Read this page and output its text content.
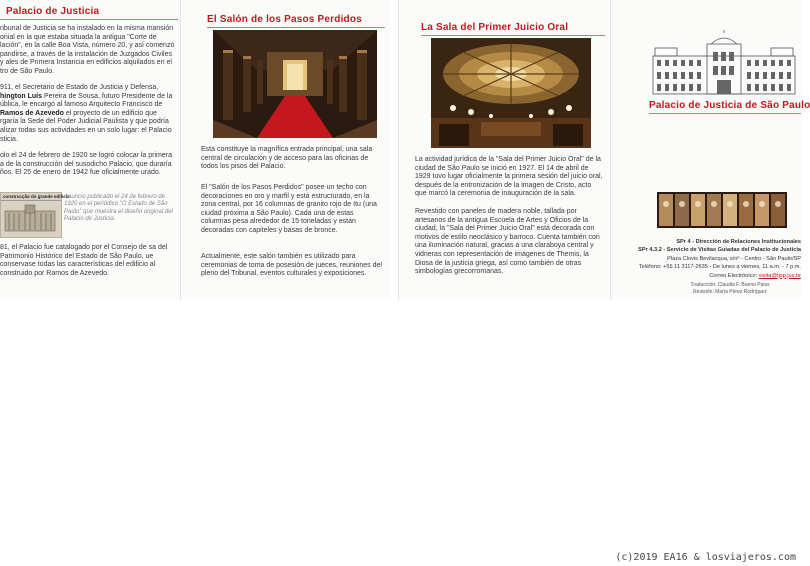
Palacio de Justicia

ribunal de Justicia se ha instalado en la misma mansión onial en la que estaba situada la antigua "Corte de lación", en la calle Boa Vista, número 20, y así comenzó pandirse, a través de la instalación de Juzgados Civiles y ales de Primera Instancia en edificios alquilados en el tro de São Paulo.

911, el Secretario de Estado de Justicia y Defensa, hington Luís Pereira de Sousa, futuro Presidente de la ública, le encargó al famoso Arquitecto Francisco de Ramos de Azevedo el proyecto de un edificio que rgaría la Sede del Poder Judicial Paulista y que podría alizar todas sus actividades en un solo lugar: el Palacio sticia.

olo el 24 de febrero de 1920 se logró colocar la primera a de la construcción del susodicho Palacio, que duraría ños. El 25 de enero de 1942 fue oficialmente urado.

construcção do grande edificio
Anuncio publicado el 24 de febrero de 1920 en el periódico "O Estado de São Paulo" que muestra el diseño original del Palacio de Justicia.

81, el Palacio fue catalogado por el Consejo de sa del Patrimonio Histórico del Estado de São Paulo, ue conservase todas las características del edificio al construido por Ramos de Azevedo.

El Salón de los Pasos Perdidos

Esta constituye la magnífica entrada principal, una sala central de circulación y de acceso para las oficinas de todos los pisos del Palacio.

El "Salón de los Pasos Perdidos" posee un techo con decoraciones en oro y marfil y está estructurado, en la zona central, por 16 columnas de granito rojo de Itu (una ciudad próxima a São Paulo). Cada una de estas columnas pesa alrededor de 15 toneladas y están decoradas con capiteles y basas de bronce.

Actualmente, este salón también es utilizado para ceremonias de toma de posesión de jueces, reuniones del pleno del Tribunal, eventos culturales y exposiciones.

La Sala del Primer Juicio Oral

La actividad jurídica de la "Sala del Primer Juicio Oral" de la ciudad de São Paulo se inició en 1927. El 14 de abril de 1929 tuvo lugar oficialmente la primera sesión del juicio oral, después de la entronización de la imagen de Cristo, acto que marcó la ceremonia de inauguración de la sala.

Revestido con paneles de madera noble, tallada por artesanos de la antigua Escuela de Artes y Oficios de la ciudad, la "Sala del Primer Juicio Oral" está decorada con motivos de estilo neoclásico y barroco. Cuenta también con una iluminación natural, gracias a una claraboya central y vidrieras con representación de imágenes de Themis, la Diosa de la justicia griega, así como también de otras simbologías grecorromanas.

Palacio de Justicia de São Paulo
SPr 4 - Dirección de Relaciones Institucionales
SPr 4.3.2 - Servicio de Visitas Guiadas del Palacio de Justicia
Plaza Clovis Bevilacqua, s/nº - Centro - São Paulo/SP
Teléfono: +55 11 3117-2635 - De lunes a viernes, 11 a.m. - 7 p.m.
Correo Electrónico: visita@tjsp.jus.br
Traducción: Claudia F. Bueno Paiss
Revisión: María Pérez Rodríguez
(c)2019 EA16 & losviajeros.com
